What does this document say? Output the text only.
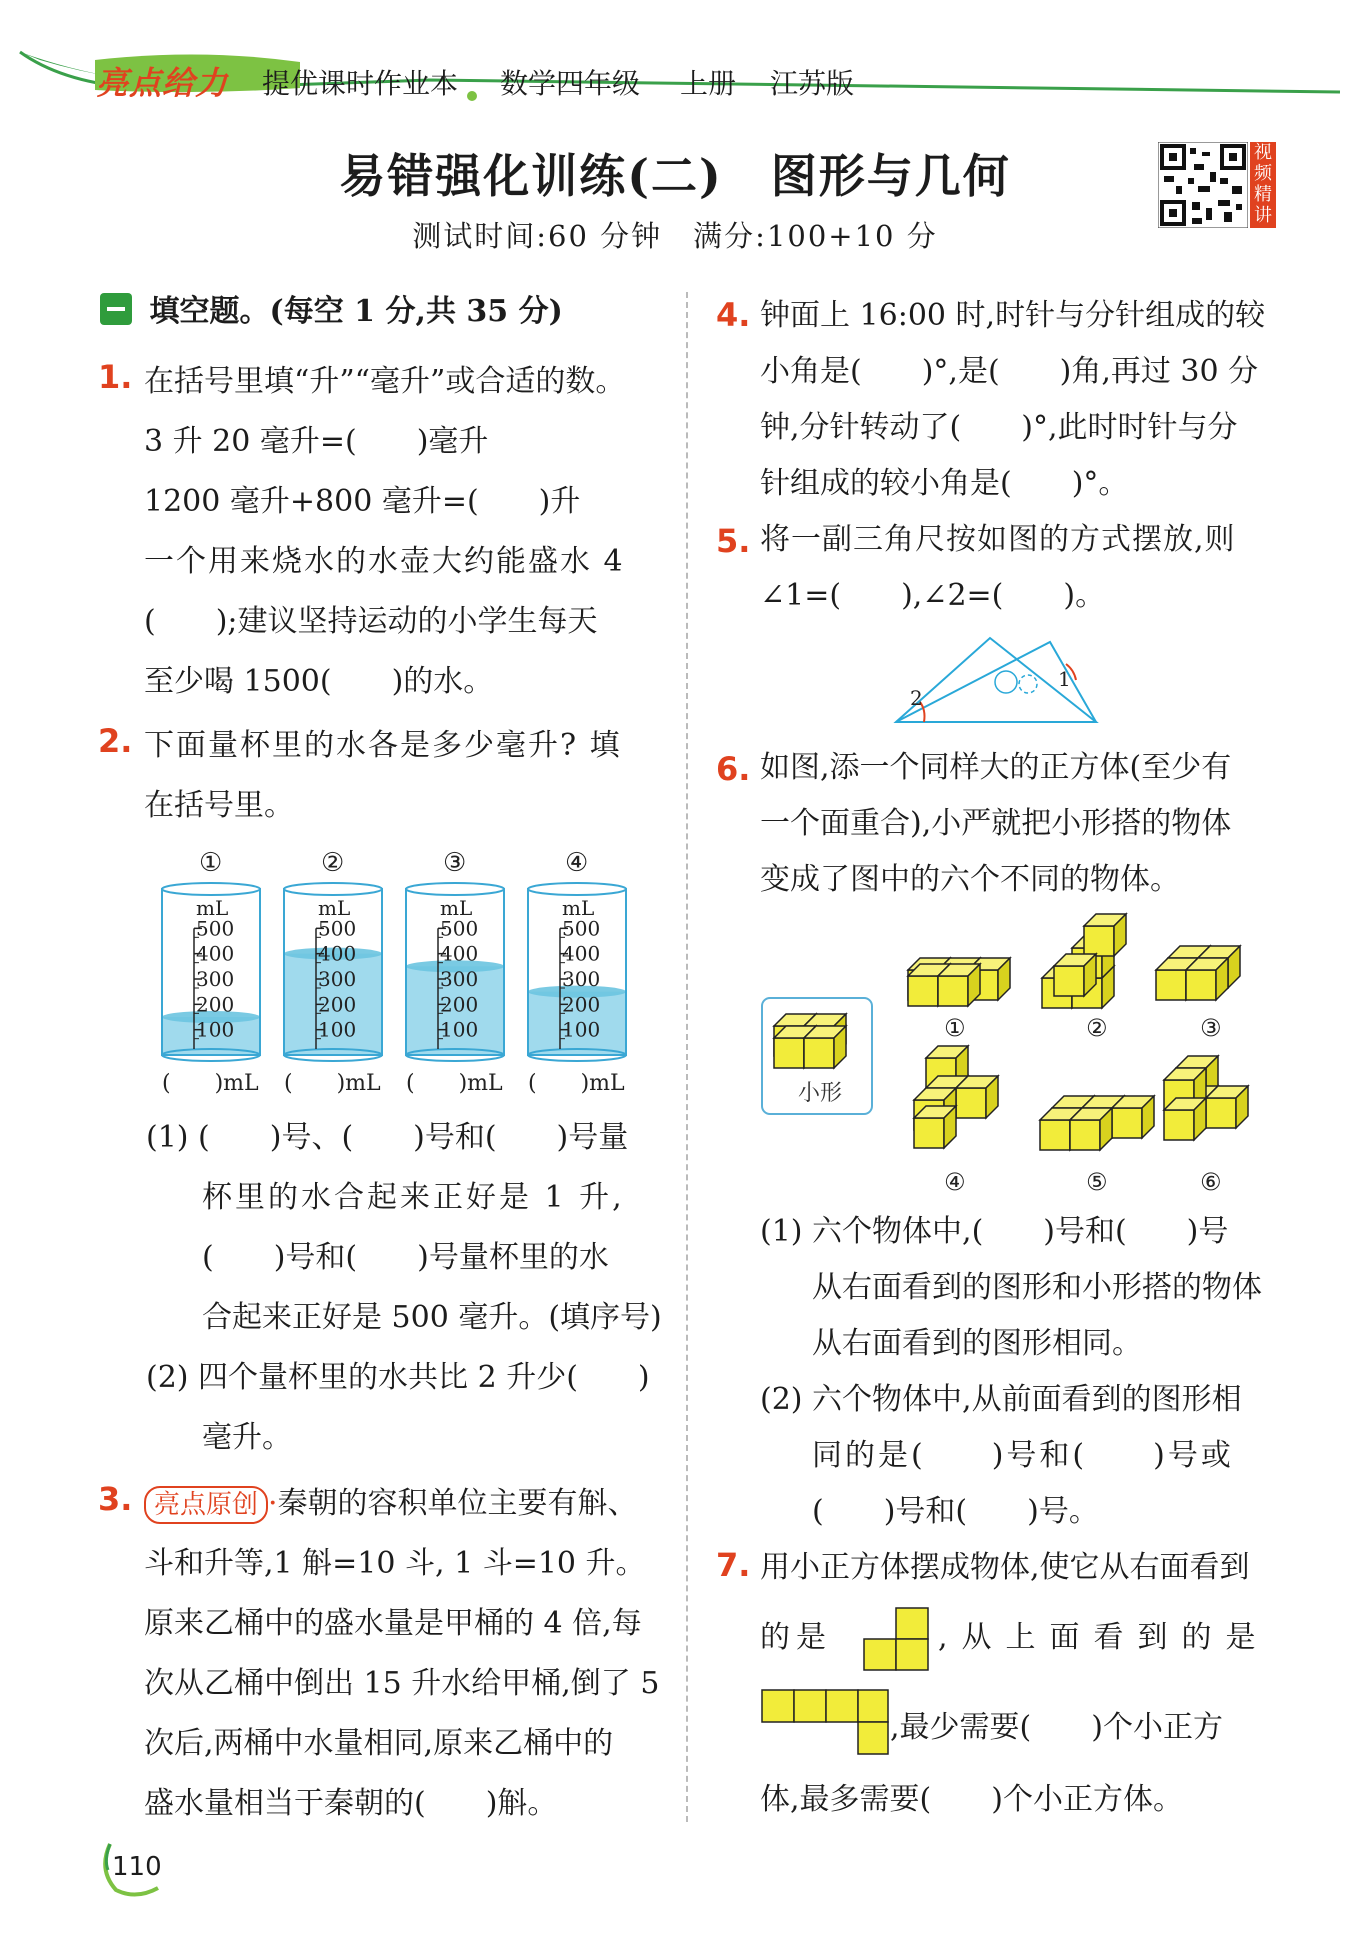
亮点给力 提优课时作业本 数学四年级 上册 江苏版
视频精讲
易错强化训练(二)　图形与几何
测试时间:60 分钟　满分:100+10 分
填空题。(每空 1 分,共 35 分)
1. 在括号里填“升”“毫升”或合适的数。
3 升 20 毫升=(　　)毫升
1200 毫升+800 毫升=(　　)升
一个用来烧水的水壶大约能盛水 4
(　　);建议坚持运动的小学生每天
至少喝 1500(　　)的水。
2. 下面量杯里的水各是多少毫升? 填
在括号里。
①
mL
500
400
300
200
100
(　　)mL
②
mL
500
400
300
200
100
(　　)mL
③
mL
500
400
300
200
100
(　　)mL
④
mL
500
400
300
200
100
(　　)mL
(1) (　　)号、(　　)号和(　　)号量
杯里的水合起来正好是 1 升,
(　　)号和(　　)号量杯里的水
合起来正好是 500 毫升。(填序号)
(2) 四个量杯里的水共比 2 升少(　　)
毫升。
3. 亮点原创 ·秦朝的容积单位主要有斛、
斗和升等,1 斛=10 斗, 1 斗=10 升。
原来乙桶中的盛水量是甲桶的 4 倍,每
次从乙桶中倒出 15 升水给甲桶,倒了 5
次后,两桶中水量相同,原来乙桶中的
盛水量相当于秦朝的(　　)斛。
4. 钟面上 16:00 时,时针与分针组成的较
小角是(　　)°,是(　　)角,再过 30 分
钟,分针转动了(　　)°,此时时针与分
针组成的较小角是(　　)°。
5. 将一副三角尺按如图的方式摆放,则
∠1=(　　),∠2=(　　)。
2
1
6. 如图,添一个同样大的正方体(至少有
一个面重合),小严就把小形搭的物体
变成了图中的六个不同的物体。
小形
①	②	③
④	⑤	⑥
(1) 六个物体中,(　　)号和(　　)号
从右面看到的图形和小形搭的物体
从右面看到的图形相同。
(2) 六个物体中,从前面看到的图形相
同的是(　　)号和(　　)号或
(　　)号和(　　)号。
7. 用小正方体摆成物体,使它从右面看到
的是	,从上面看到的是
,最少需要(　　)个小正方
体,最多需要(　　)个小正方体。
110
